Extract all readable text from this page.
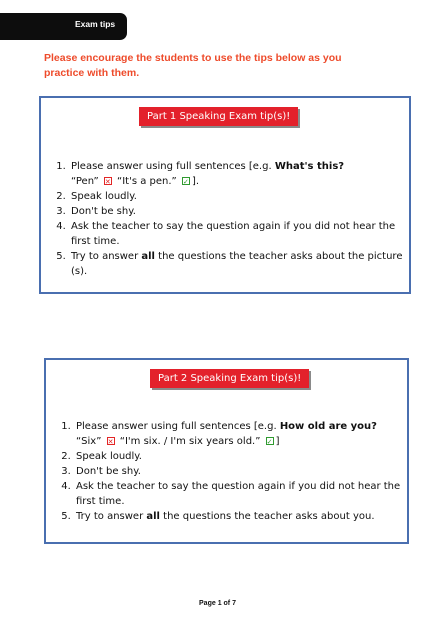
Exam tips
Please encourage the students to use the tips below as you practice with them.
Part 1 Speaking Exam tip(s)!
1. Please answer using full sentences [e.g. What's this?
“Pen” ✕ “It's a pen.” ✓ ].
2. Speak loudly.
3. Don't be shy.
4. Ask the teacher to say the question again if you did not hear the first time.
5. Try to answer all the questions the teacher asks about the picture (s).
Part 2 Speaking Exam tip(s)!
1. Please answer using full sentences [e.g. How old are you?
“Six” ✕ “I'm six. / I'm six years old.” ✓ ]
2. Speak loudly.
3. Don't be shy.
4. Ask the teacher to say the question again if you did not hear the first time.
5. Try to answer all the questions the teacher asks about you.
Page 1 of 7
